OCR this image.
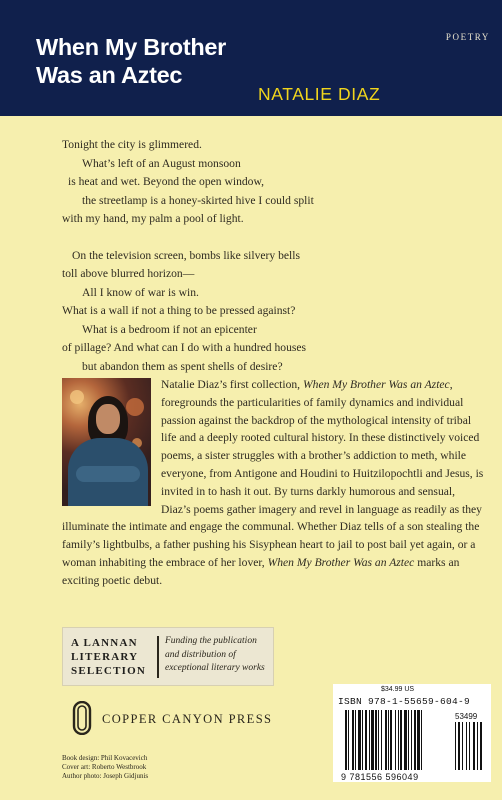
When My Brother
Was an Aztec
POETRY
NATALIE DIAZ
Tonight the city is glimmered.
What’s left of an August monsoon
is heat and wet. Beyond the open window,
the streetlamp is a honey-skirted hive I could split
with my hand, my palm a pool of light.
On the television screen, bombs like silvery bells
toll above blurred horizon—
All I know of war is win.
What is a wall if not a thing to be pressed against?
What is a bedroom if not an epicenter
of pillage? And what can I do with a hundred houses
but abandon them as spent shells of desire?
Natalie Diaz’s first collection, When My Brother Was an Aztec, foregrounds the particularities of family dynamics and individual passion against the backdrop of the mythological intensity of tribal life and a deeply rooted cultural history. In these distinctively voiced poems, a sister struggles with a brother’s addiction to meth, while everyone, from Antigone and Houdini to Huitzilopochtli and Jesus, is invited in to hash it out. By turns darkly humorous and sensual, Diaz’s poems gather imagery and revel in language as readily as they illuminate the intimate and engage the communal. Whether Diaz tells of a son stealing the family’s lightbulbs, a father pushing his Sisyphean heart to jail to post bail yet again, or a woman inhabiting the embrace of her lover, When My Brother Was an Aztec marks an exciting poetic debut.
A LANNAN
LITERARY
SELECTION
Funding the publication
and distribution of
exceptional literary works
COPPER CANYON PRESS
Book design: Phil Kovacevich
Cover art: Roberto Westbrook
Author photo: Joseph Gidjunis
$34.99 US
ISBN 978-1-55659-604-9
53499
9 781556 596049
